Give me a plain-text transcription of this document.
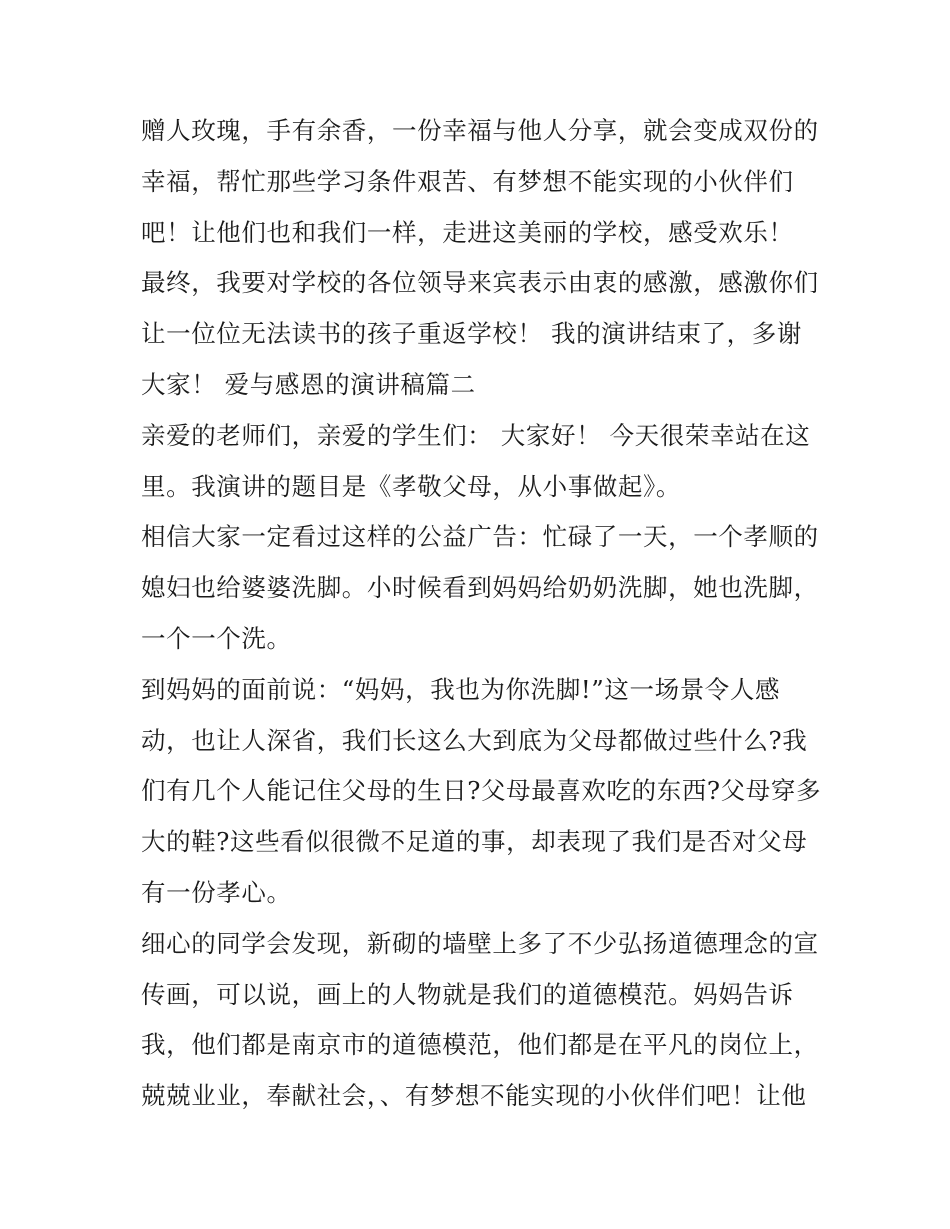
赠人玫瑰，手有余香，一份幸福与他人分享，就会变成双份的
幸福，帮忙那些学习条件艰苦、有梦想不能实现的小伙伴们
吧！让他们也和我们一样，走进这美丽的学校，感受欢乐！
最终，我要对学校的各位领导来宾表示由衷的感激，感激你们
让一位位无法读书的孩子重返学校！ 我的演讲结束了，多谢
大家！ 爱与感恩的演讲稿篇二
亲爱的老师们，亲爱的学生们： 大家好！ 今天很荣幸站在这
里。我演讲的题目是《孝敬父母，从小事做起》。
相信大家一定看过这样的公益广告：忙碌了一天，一个孝顺的
媳妇也给婆婆洗脚。小时候看到妈妈给奶奶洗脚，她也洗脚，
一个一个洗。
到妈妈的面前说：“妈妈，我也为你洗脚!”这一场景令人感
动，也让人深省，我们长这么大到底为父母都做过些什么?我
们有几个人能记住父母的生日?父母最喜欢吃的东西?父母穿多
大的鞋?这些看似很微不足道的事，却表现了我们是否对父母
有一份孝心。
细心的同学会发现，新砌的墙壁上多了不少弘扬道德理念的宣
传画，可以说，画上的人物就是我们的道德模范。妈妈告诉
我，他们都是南京市的道德模范，他们都是在平凡的岗位上，
兢兢业业，奉献社会，、有梦想不能实现的小伙伴们吧！让他
